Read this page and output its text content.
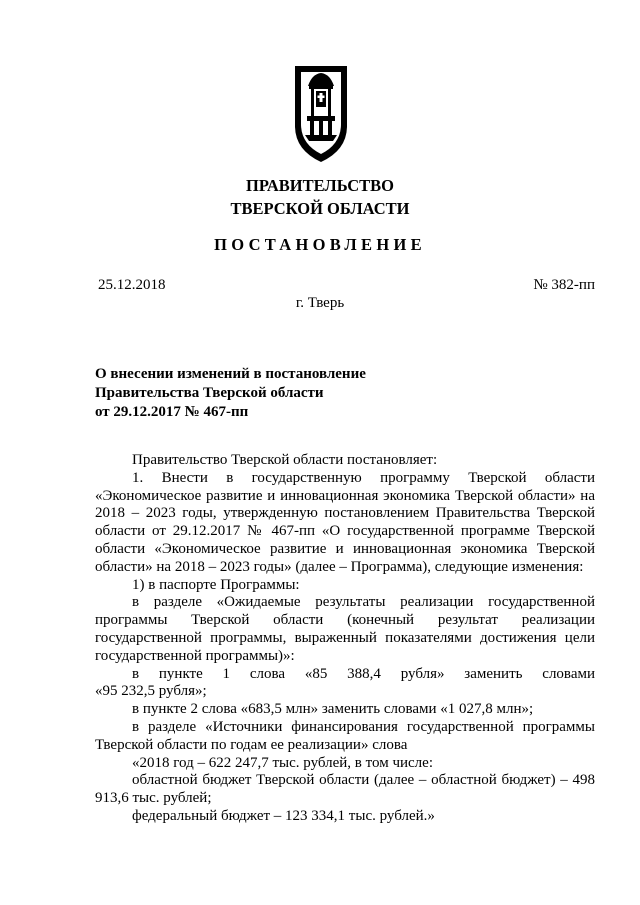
ПРАВИТЕЛЬСТВО
ТВЕРСКОЙ ОБЛАСТИ
ПОСТАНОВЛЕНИЕ
25.12.2018	№ 382-пп
г. Тверь
О внесении изменений в постановление
Правительства Тверской области
от 29.12.2017 № 467-пп

Правительство Тверской области постановляет:

1. Внести в государственную программу Тверской области

«Экономическое развитие и инновационная экономика Тверской области» на 2018 – 2023 годы, утвержденную постановлением Правительства Тверской области от 29.12.2017 № 467-пп «О государственной программе Тверской области «Экономическое развитие и инновационная экономика Тверской области» на 2018 – 2023 годы» (далее – Программа), следующие изменения:

1) в паспорте Программы:

в разделе «Ожидаемые результаты реализации государственной программы Тверской области (конечный результат реализации государственной программы, выраженный показателями достижения цели государственной программы)»:

в пункте 1 слова «85 388,4 рубля» заменить словами

«95 232,5 рубля»;

в пункте 2 слова «683,5 млн» заменить словами «1 027,8 млн»;

в разделе «Источники финансирования государственной программы Тверской области по годам ее реализации» слова

«2018 год – 622 247,7 тыс. рублей, в том числе:

областной бюджет Тверской области (далее – областной бюджет) – 498 913,6 тыс. рублей;

федеральный бюджет – 123 334,1 тыс. рублей.»
